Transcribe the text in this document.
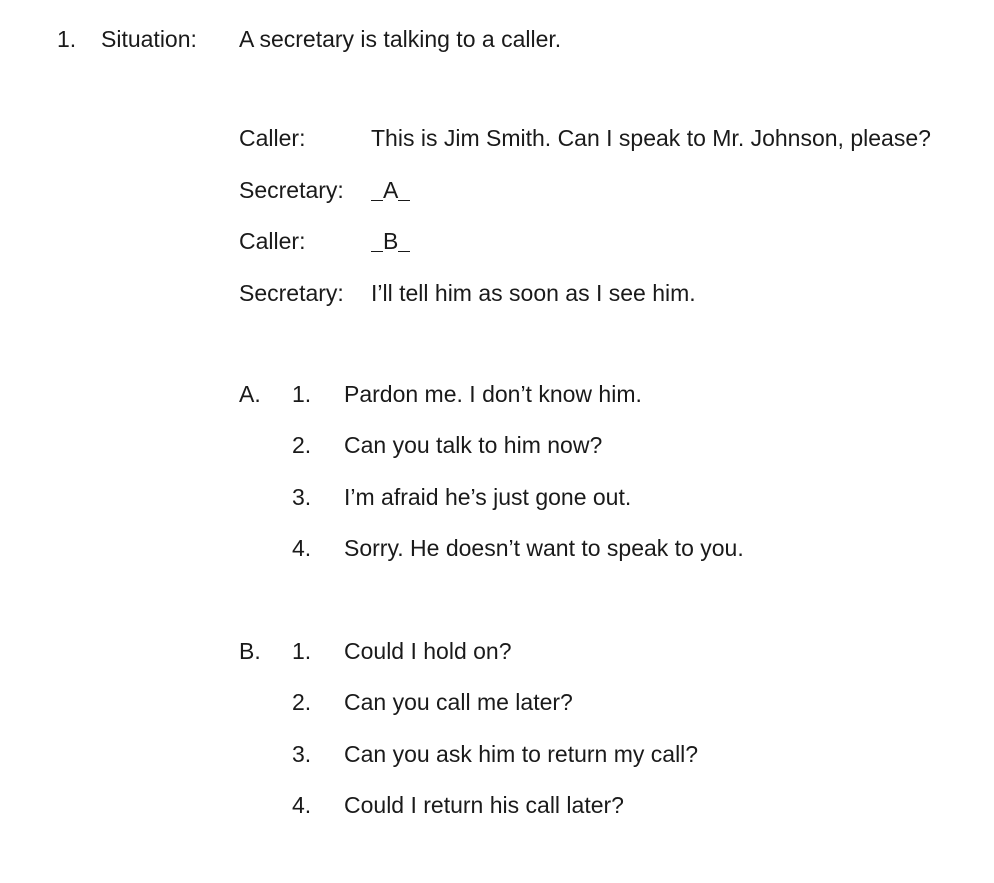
1. Situation: A secretary is talking to a caller.
Caller:	This is Jim Smith. Can I speak to Mr. Johnson, please?
Secretary:	A
Caller:	B
Secretary: I’ll tell him as soon as I see him.
A. 1. Pardon me. I don’t know him.
2. Can you talk to him now?
3. I’m afraid he’s just gone out.
4. Sorry. He doesn’t want to speak to you.
B. 1. Could I hold on?
2. Can you call me later?
3. Can you ask him to return my call?
4. Could I return his call later?
